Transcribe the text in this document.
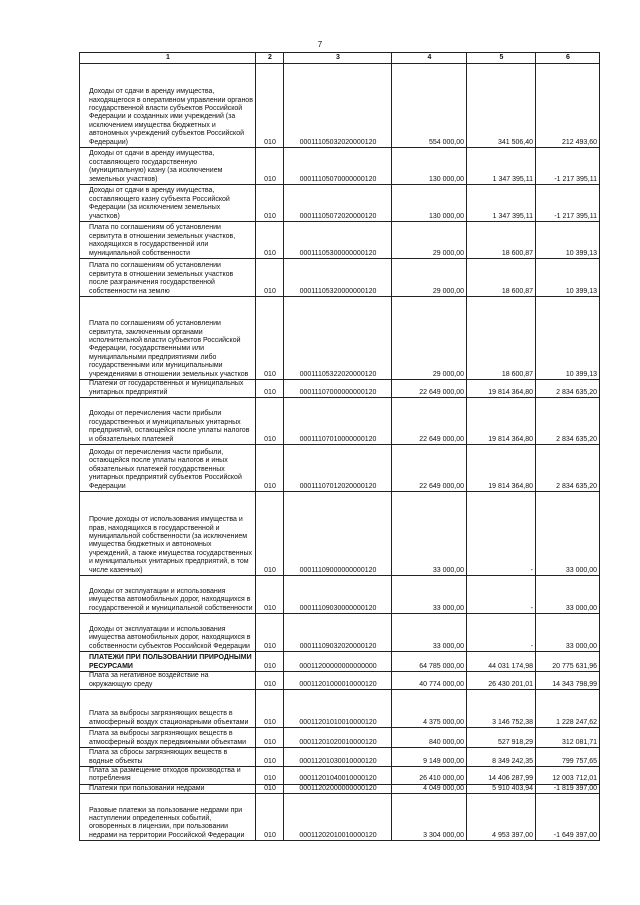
7
1	2	3	4	5	6

Доходы от сдачи в аренду имущества, находящегося в оперативном управлении органов государственной власти субъектов Российской Федерации и созданных ими учреждений (за исключением имущества бюджетных и автономных учреждений субъектов Российской Федерации)	010	00011105032020000120	554 000,00	341 506,40	212 493,60

Доходы от сдачи в аренду имущества, составляющего государственную (муниципальную) казну (за исключением земельных участков)	010	00011105070000000120	130 000,00	1 347 395,11	-1 217 395,11

Доходы от сдачи в аренду имущества, составляющего казну субъекта Российской Федерации (за исключением земельных участков)	010	00011105072020000120	130 000,00	1 347 395,11	-1 217 395,11

Плата по соглашениям об установлении сервитута в отношении земельных участков, находящихся в государственной или муниципальной собственности	010	00011105300000000120	29 000,00	18 600,87	10 399,13

Плата по соглашениям об установлении сервитута в отношении земельных участков после разграничения государственной собственности на землю	010	00011105320000000120	29 000,00	18 600,87	10 399,13

Плата по соглашениям об установлении сервитута, заключенным органами исполнительной власти субъектов Российской Федерации, государственными или муниципальными предприятиями либо государственными или муниципальными учреждениями в отношении земельных участков	010	00011105322020000120	29 000,00	18 600,87	10 399,13

Платежи от государственных и муниципальных унитарных предприятий	010	00011107000000000120	22 649 000,00	19 814 364,80	2 834 635,20

Доходы от перечисления части прибыли государственных и муниципальных унитарных предприятий, остающейся после уплаты налогов и обязательных платежей	010	00011107010000000120	22 649 000,00	19 814 364,80	2 834 635,20

Доходы от перечисления части прибыли, остающейся после уплаты налогов и иных обязательных платежей государственных унитарных предприятий субъектов Российской Федерации	010	00011107012020000120	22 649 000,00	19 814 364,80	2 834 635,20

Прочие доходы от использования имущества и прав, находящихся в государственной и муниципальной собственности (за исключением имущества бюджетных и автономных учреждений, а также имущества государственных и муниципальных унитарных предприятий, в том числе казенных)	010	00011109000000000120	33 000,00	-	33 000,00

Доходы от эксплуатации и использования имущества автомобильных дорог, находящихся в государственной и муниципальной собственности	010	00011109030000000120	33 000,00	-	33 000,00

Доходы от эксплуатации и использования имущества автомобильных дорог, находящихся в собственности субъектов Российской Федерации	010	00011109032020000120	33 000,00	-	33 000,00

ПЛАТЕЖИ ПРИ ПОЛЬЗОВАНИИ ПРИРОДНЫМИ РЕСУРСАМИ	010	00011200000000000000	64 785 000,00	44 031 174,98	20 775 631,96

Плата за негативное воздействие на окружающую среду	010	00011201000010000120	40 774 000,00	26 430 201,01	14 343 798,99

Плата за выбросы загрязняющих веществ в атмосферный воздух стационарными объектами	010	00011201010010000120	4 375 000,00	3 146 752,38	1 228 247,62

Плата за выбросы загрязняющих веществ в атмосферный воздух передвижными объектами	010	00011201020010000120	840 000,00	527 918,29	312 081,71

Плата за сбросы загрязняющих веществ в водные объекты	010	00011201030010000120	9 149 000,00	8 349 242,35	799 757,65

Плата за размещение отходов производства и потребления	010	00011201040010000120	26 410 000,00	14 406 287,99	12 003 712,01

Платежи при пользовании недрами	010	00011202000000000120	4 049 000,00	5 910 403,94	-1 819 397,00

Разовые платежи за пользование недрами при наступлении определенных событий, оговоренных в лицензии, при пользовании недрами на территории Российской Федерации	010	00011202010010000120	3 304 000,00	4 953 397,00	-1 649 397,00
